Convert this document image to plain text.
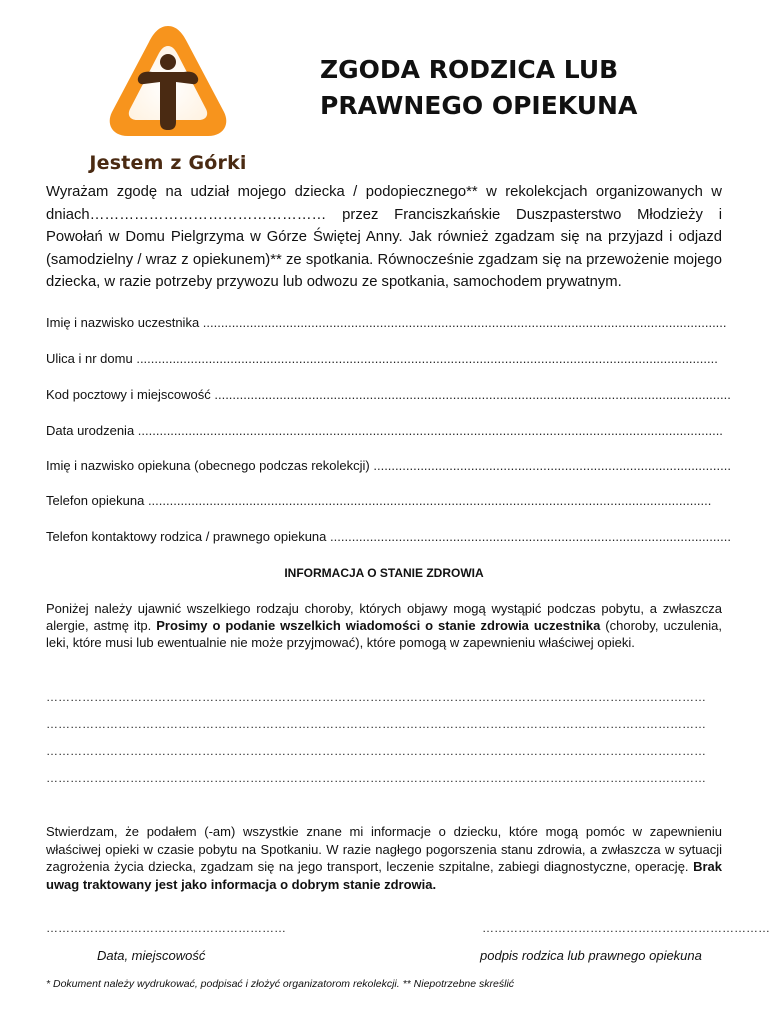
Jestem z Górki
ZGODA RODZICA LUB
PRAWNEGO OPIEKUNA

Wyrażam zgodę na udział mojego dziecka / podopiecznego** w rekolekcjach organizowanych w dniach………………………………………… przez Franciszkańskie Duszpasterstwo Młodzieży i Powołań w Domu Pielgrzyma w Górze Świętej Anny. Jak również zgadzam się na przyjazd i odjazd (samodzielny / wraz z opiekunem)** ze spotkania. Równocześnie zgadzam się na przewożenie mojego dziecka, w razie potrzeby przywozu lub odwozu ze spotkania, samochodem prywatnym.

Imię i nazwisko uczestnika .................................................................................................................................................
Ulica i nr domu .................................................................................................................................................................
Kod pocztowy i miejscowość ...............................................................................................................................................
Data urodzenia ..................................................................................................................................................................
Imię i nazwisko opiekuna (obecnego podczas rekolekcji) ...................................................................................................
Telefon opiekuna ............................................................................................................................................................
Telefon kontaktowy rodzica / prawnego opiekuna ...............................................................................................................
INFORMACJA O STANIE ZDROWIA

Poniżej należy ujawnić wszelkiego rodzaju choroby, których objawy mogą wystąpić podczas pobytu, a zwłaszcza alergie, astmę itp. Prosimy o podanie wszelkich wiadomości o stanie zdrowia uczestnika (choroby, uczulenia, leki, które musi lub ewentualnie nie może przyjmować), które pomogą w zapewnieniu właściwej opieki.

…………………………………………………………………………………………………………………………………………………
…………………………………………………………………………………………………………………………………………………
…………………………………………………………………………………………………………………………………………………
…………………………………………………………………………………………………………………………………………………

Stwierdzam, że podałem (-am) wszystkie znane mi informacje o dziecku, które mogą pomóc w zapewnieniu właściwej opieki w czasie pobytu na Spotkaniu. W razie nagłego pogorszenia stanu zdrowia, a zwłaszcza w sytuacji zagrożenia życia dziecka, zgadzam się na jego transport, leczenie szpitalne, zabiegi diagnostyczne, operację. Brak uwag traktowany jest jako informacja o dobrym stanie zdrowia.

……………………………………………………	………………………………………………………………
Data, miejscowość	podpis rodzica lub prawnego opiekuna

* Dokument należy wydrukować, podpisać i złożyć organizatorom rekolekcji. ** Niepotrzebne skreślić
